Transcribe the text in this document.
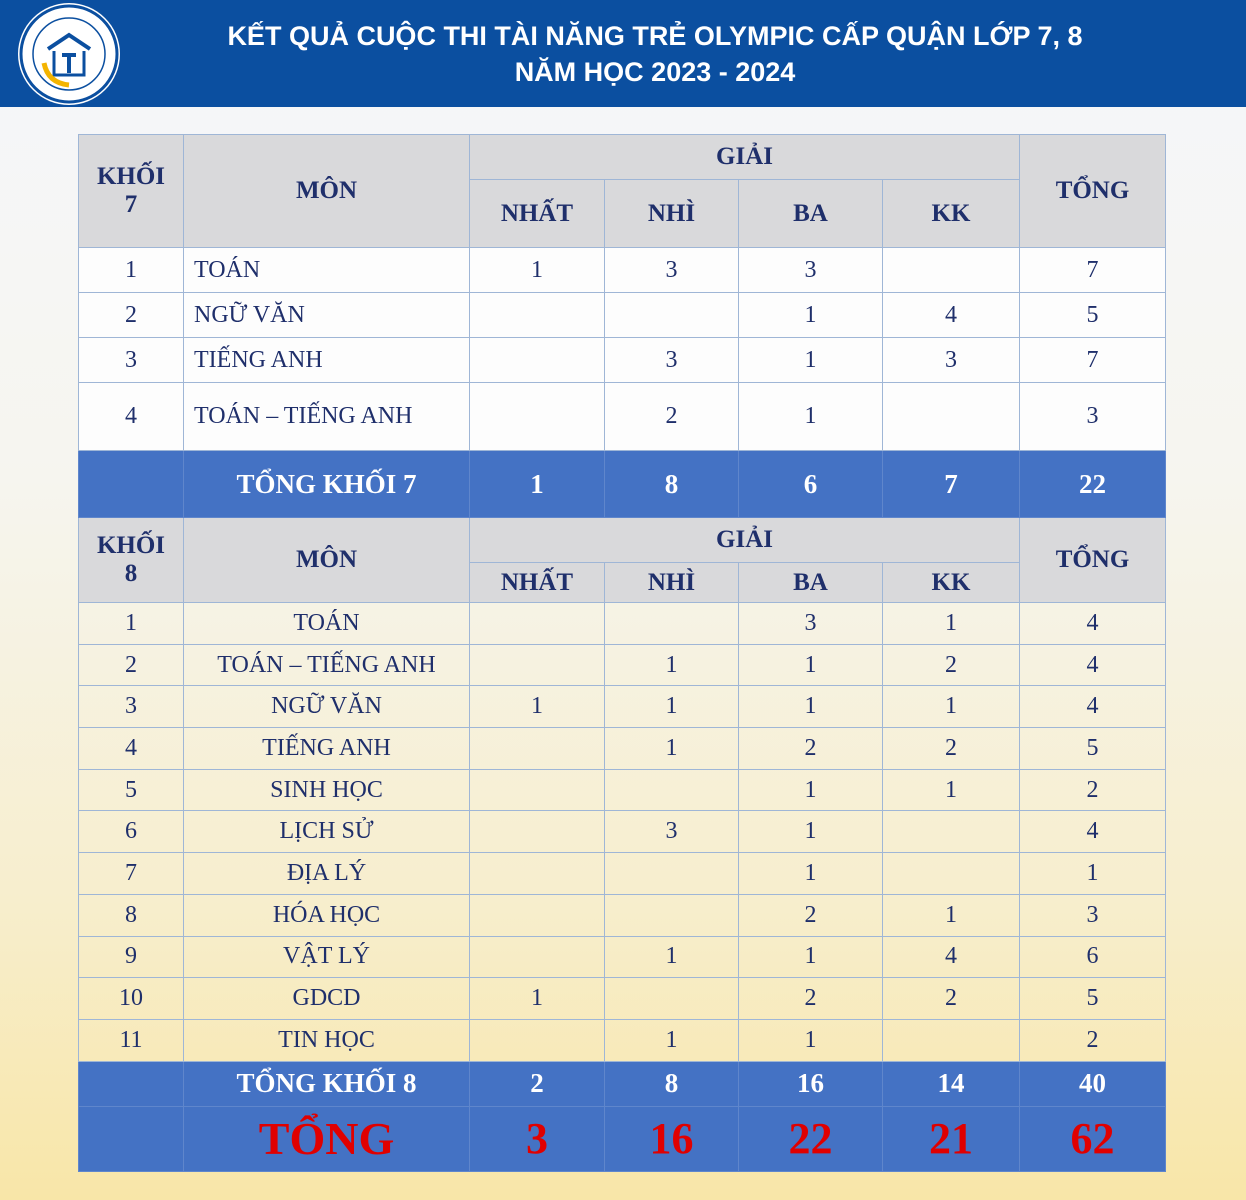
KẾT QUẢ CUỘC THI TÀI NĂNG TRẺ OLYMPIC CẤP QUẬN LỚP 7, 8
NĂM HỌC 2023 - 2024
KHỐI
7	MÔN	GIẢI				TỔNG
		NHẤT	NHÌ	BA	KK	
1	TOÁN	1	3	3		7
2	NGỮ VĂN			1	4	5
3	TIẾNG ANH		3	1	3	7
4	TOÁN – TIẾNG ANH		2	1		3
	TỔNG KHỐI 7	1	8	6	7	22

KHỐI
8	MÔN	GIẢI				TỔNG
		NHẤT	NHÌ	BA	KK	
1	TOÁN			3	1	4
2	TOÁN – TIẾNG ANH		1	1	2	4
3	NGỮ VĂN	1	1	1	1	4
4	TIẾNG ANH		1	2	2	5
5	SINH HỌC			1	1	2
6	LỊCH SỬ		3	1		4
7	ĐỊA LÝ			1		1
8	HÓA HỌC			2	1	3
9	VẬT LÝ		1	1	4	6
10	GDCD	1		2	2	5
11	TIN HỌC		1	1		2
	TỔNG KHỐI 8	2	8	16	14	40
	TỔNG	3	16	22	21	62
